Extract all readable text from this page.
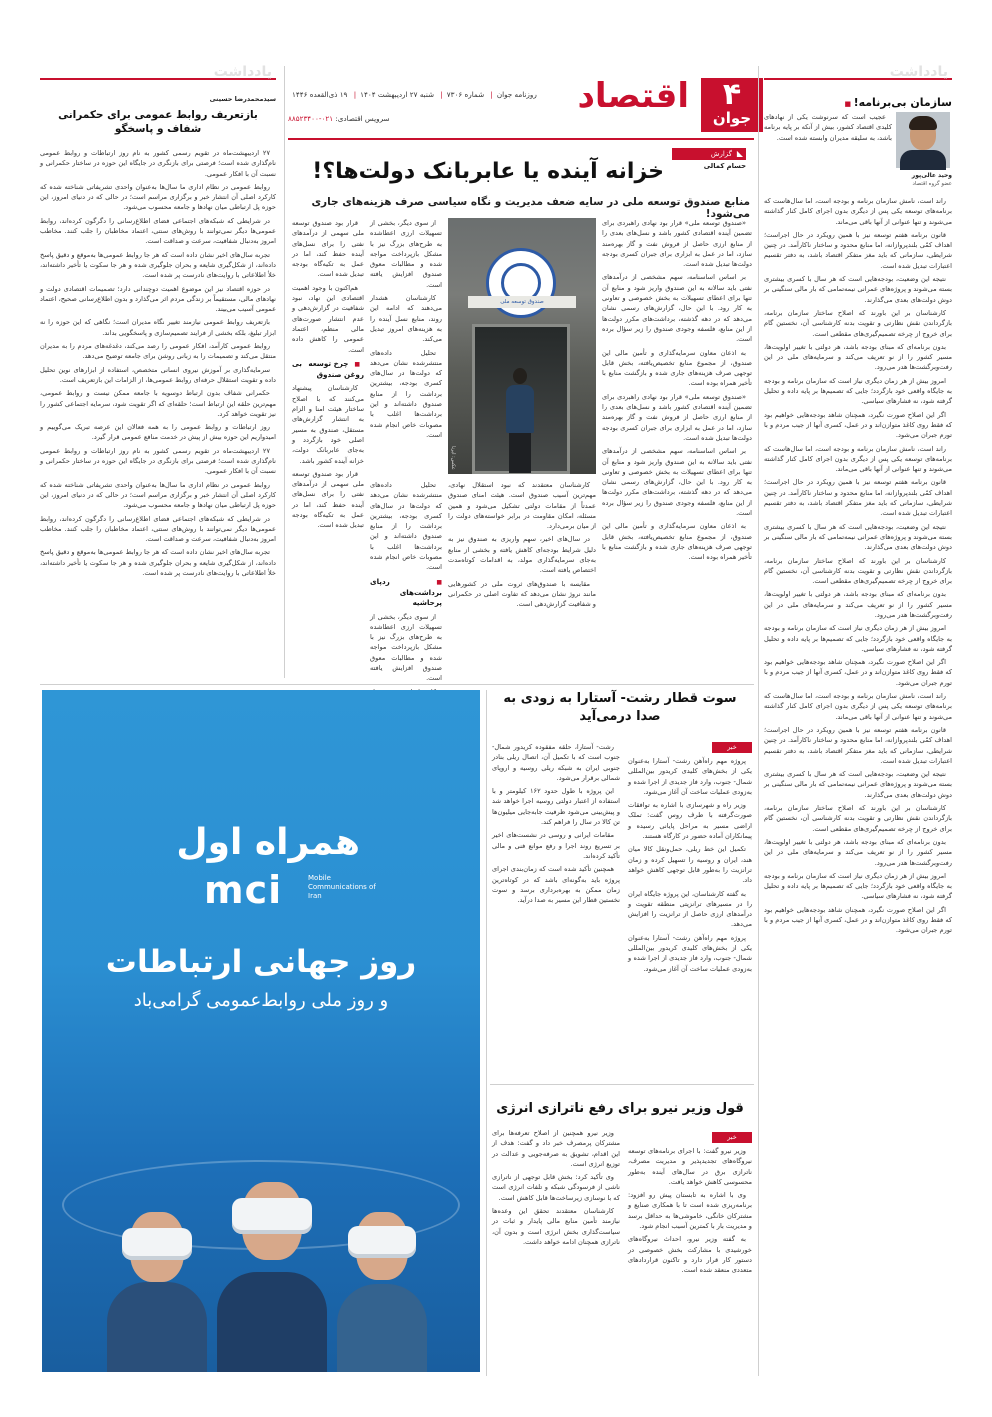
یادداشت	یادداشت
۴
جوان
اقتصاد
روزنامه جوان| شماره ۷۳۰۶| شنبه ۲۷ اردیبهشت ۱۴۰۴| ۱۹ ذی‌القعده ۱۴۴۶
سرویس اقتصادی: ۰۲۱-۸۸۵۲۳۴۰۰
سازمان بی‌برنامه! ■
وحید عالی‌پور
عضو گروه اقتصاد

عجیب است که سرنوشت یکی از نهادهای کلیدی اقتصاد کشور، بیش از آنکه بر پایه برنامه باشد، به سلیقه مدیران وابسته شده است.

راند است، نامش سازمان برنامه و بودجه است، اما سال‌هاست که برنامه‌های توسعه یکی پس از دیگری بدون اجرای کامل کنار گذاشته می‌شوند و تنها عنوانی از آنها باقی می‌ماند.

قانون برنامه هفتم توسعه نیز با همین رویکرد در حال اجراست؛ اهداف کمّی بلندپروازانه، اما منابع محدود و ساختار ناکارآمد. در چنین شرایطی، سازمانی که باید مغز متفکر اقتصاد باشد، به دفتر تقسیم اعتبارات تبدیل شده است.

نتیجه این وضعیت، بودجه‌هایی است که هر سال با کسری بیشتری بسته می‌شوند و پروژه‌های عمرانی نیمه‌تمامی که بار مالی سنگینی بر دوش دولت‌های بعدی می‌گذارند.

کارشناسان بر این باورند که اصلاح ساختار سازمان برنامه، بازگرداندن نقش نظارتی و تقویت بدنه کارشناسی آن، نخستین گام برای خروج از چرخه تصمیم‌گیری‌های مقطعی است.

بدون برنامه‌ای که مبنای بودجه باشد، هر دولتی با تغییر اولویت‌ها، مسیر کشور را از نو تعریف می‌کند و سرمایه‌های ملی در این رفت‌وبرگشت‌ها هدر می‌رود.

امروز بیش از هر زمان دیگری نیاز است که سازمان برنامه و بودجه به جایگاه واقعی خود بازگردد؛ جایی که تصمیم‌ها بر پایه داده و تحلیل گرفته شود، نه فشارهای سیاسی.

اگر این اصلاح صورت نگیرد، همچنان شاهد بودجه‌هایی خواهیم بود که فقط روی کاغذ متوازن‌اند و در عمل، کسری آنها از جیب مردم و با تورم جبران می‌شود.

راند است، نامش سازمان برنامه و بودجه است، اما سال‌هاست که برنامه‌های توسعه یکی پس از دیگری بدون اجرای کامل کنار گذاشته می‌شوند و تنها عنوانی از آنها باقی می‌ماند.

قانون برنامه هفتم توسعه نیز با همین رویکرد در حال اجراست؛ اهداف کمّی بلندپروازانه، اما منابع محدود و ساختار ناکارآمد. در چنین شرایطی، سازمانی که باید مغز متفکر اقتصاد باشد، به دفتر تقسیم اعتبارات تبدیل شده است.

نتیجه این وضعیت، بودجه‌هایی است که هر سال با کسری بیشتری بسته می‌شوند و پروژه‌های عمرانی نیمه‌تمامی که بار مالی سنگینی بر دوش دولت‌های بعدی می‌گذارند.

کارشناسان بر این باورند که اصلاح ساختار سازمان برنامه، بازگرداندن نقش نظارتی و تقویت بدنه کارشناسی آن، نخستین گام برای خروج از چرخه تصمیم‌گیری‌های مقطعی است.

بدون برنامه‌ای که مبنای بودجه باشد، هر دولتی با تغییر اولویت‌ها، مسیر کشور را از نو تعریف می‌کند و سرمایه‌های ملی در این رفت‌وبرگشت‌ها هدر می‌رود.

امروز بیش از هر زمان دیگری نیاز است که سازمان برنامه و بودجه به جایگاه واقعی خود بازگردد؛ جایی که تصمیم‌ها بر پایه داده و تحلیل گرفته شود، نه فشارهای سیاسی.

اگر این اصلاح صورت نگیرد، همچنان شاهد بودجه‌هایی خواهیم بود که فقط روی کاغذ متوازن‌اند و در عمل، کسری آنها از جیب مردم و با تورم جبران می‌شود.

راند است، نامش سازمان برنامه و بودجه است، اما سال‌هاست که برنامه‌های توسعه یکی پس از دیگری بدون اجرای کامل کنار گذاشته می‌شوند و تنها عنوانی از آنها باقی می‌ماند.

قانون برنامه هفتم توسعه نیز با همین رویکرد در حال اجراست؛ اهداف کمّی بلندپروازانه، اما منابع محدود و ساختار ناکارآمد. در چنین شرایطی، سازمانی که باید مغز متفکر اقتصاد باشد، به دفتر تقسیم اعتبارات تبدیل شده است.

نتیجه این وضعیت، بودجه‌هایی است که هر سال با کسری بیشتری بسته می‌شوند و پروژه‌های عمرانی نیمه‌تمامی که بار مالی سنگینی بر دوش دولت‌های بعدی می‌گذارند.

کارشناسان بر این باورند که اصلاح ساختار سازمان برنامه، بازگرداندن نقش نظارتی و تقویت بدنه کارشناسی آن، نخستین گام برای خروج از چرخه تصمیم‌گیری‌های مقطعی است.

بدون برنامه‌ای که مبنای بودجه باشد، هر دولتی با تغییر اولویت‌ها، مسیر کشور را از نو تعریف می‌کند و سرمایه‌های ملی در این رفت‌وبرگشت‌ها هدر می‌رود.

امروز بیش از هر زمان دیگری نیاز است که سازمان برنامه و بودجه به جایگاه واقعی خود بازگردد؛ جایی که تصمیم‌ها بر پایه داده و تحلیل گرفته شود، نه فشارهای سیاسی.

اگر این اصلاح صورت نگیرد، همچنان شاهد بودجه‌هایی خواهیم بود که فقط روی کاغذ متوازن‌اند و در عمل، کسری آنها از جیب مردم و با تورم جبران می‌شود.

سیدمحمدرضا حسینی
بازتعریف روابط عمومی برای حکمرانی شفاف و پاسخگو

۲۷ اردیبهشت‌ماه در تقویم رسمی کشور به نام روز ارتباطات و روابط عمومی نام‌گذاری شده است؛ فرصتی برای بازنگری در جایگاه این حوزه در ساختار حکمرانی و نسبت آن با افکار عمومی.

روابط عمومی در نظام اداری ما سال‌ها به‌عنوان واحدی تشریفاتی شناخته شده که کارکرد اصلی آن انتشار خبر و برگزاری مراسم است؛ در حالی که در دنیای امروز، این حوزه پل ارتباطی میان نهادها و جامعه محسوب می‌شود.

در شرایطی که شبکه‌های اجتماعی فضای اطلاع‌رسانی را دگرگون کرده‌اند، روابط عمومی‌ها دیگر نمی‌توانند با روش‌های سنتی، اعتماد مخاطبان را جلب کنند. مخاطب امروز به‌دنبال شفافیت، سرعت و صداقت است.

تجربه سال‌های اخیر نشان داده است که هر جا روابط عمومی‌ها به‌موقع و دقیق پاسخ داده‌اند، از شکل‌گیری شایعه و بحران جلوگیری شده و هر جا سکوت یا تأخیر داشته‌اند، خلأ اطلاعاتی با روایت‌های نادرست پر شده است.

در حوزه اقتصاد نیز این موضوع اهمیت دوچندانی دارد؛ تصمیمات اقتصادی دولت و نهادهای مالی، مستقیماً بر زندگی مردم اثر می‌گذارد و بدون اطلاع‌رسانی صحیح، اعتماد عمومی آسیب می‌بیند.

بازتعریف روابط عمومی نیازمند تغییر نگاه مدیران است؛ نگاهی که این حوزه را نه ابزار تبلیغ، بلکه بخشی از فرایند تصمیم‌سازی و پاسخگویی بداند.

روابط عمومی کارآمد، افکار عمومی را رصد می‌کند، دغدغه‌های مردم را به مدیران منتقل می‌کند و تصمیمات را به زبانی روشن برای جامعه توضیح می‌دهد.

سرمایه‌گذاری بر آموزش نیروی انسانی متخصص، استفاده از ابزارهای نوین تحلیل داده و تقویت استقلال حرفه‌ای روابط عمومی‌ها، از الزامات این بازتعریف است.

حکمرانی شفاف بدون ارتباط دوسویه با جامعه ممکن نیست و روابط عمومی، مهم‌ترین حلقه این ارتباط است؛ حلقه‌ای که اگر تقویت شود، سرمایه اجتماعی کشور را نیز تقویت خواهد کرد.

روز ارتباطات و روابط عمومی را به همه فعالان این عرصه تبریک می‌گوییم و امیدواریم این حوزه بیش از پیش در خدمت منافع عمومی قرار گیرد.

۲۷ اردیبهشت‌ماه در تقویم رسمی کشور به نام روز ارتباطات و روابط عمومی نام‌گذاری شده است؛ فرصتی برای بازنگری در جایگاه این حوزه در ساختار حکمرانی و نسبت آن با افکار عمومی.

روابط عمومی در نظام اداری ما سال‌ها به‌عنوان واحدی تشریفاتی شناخته شده که کارکرد اصلی آن انتشار خبر و برگزاری مراسم است؛ در حالی که در دنیای امروز، این حوزه پل ارتباطی میان نهادها و جامعه محسوب می‌شود.

در شرایطی که شبکه‌های اجتماعی فضای اطلاع‌رسانی را دگرگون کرده‌اند، روابط عمومی‌ها دیگر نمی‌توانند با روش‌های سنتی، اعتماد مخاطبان را جلب کنند. مخاطب امروز به‌دنبال شفافیت، سرعت و صداقت است.

تجربه سال‌های اخیر نشان داده است که هر جا روابط عمومی‌ها به‌موقع و دقیق پاسخ داده‌اند، از شکل‌گیری شایعه و بحران جلوگیری شده و هر جا سکوت یا تأخیر داشته‌اند، خلأ اطلاعاتی با روایت‌های نادرست پر شده است.

◣ گزارش
حسام کمالی
خزانه آینده یا عابربانک دولت‌ها؟!
منابع صندوق توسعه ملی در سایه ضعف مدیریت و نگاه سیاسی صرف هزینه‌های جاری می‌شود!
صندوق توسعه ملی
عکس: ایرنا

«صندوق توسعه ملی» قرار بود نهادی راهبردی برای تضمین آینده اقتصادی کشور باشد و نسل‌های بعدی را از منابع ارزی حاصل از فروش نفت و گاز بهره‌مند سازد، اما در عمل به ابزاری برای جبران کسری بودجه دولت‌ها تبدیل شده است.

بر اساس اساسنامه، سهم مشخصی از درآمدهای نفتی باید سالانه به این صندوق واریز شود و منابع آن تنها برای اعطای تسهیلات به بخش خصوصی و تعاونی به کار رود. با این حال، گزارش‌های رسمی نشان می‌دهد که در دهه گذشته، برداشت‌های مکرر دولت‌ها از این منابع، فلسفه وجودی صندوق را زیر سؤال برده است.

به اذعان معاون سرمایه‌گذاری و تأمین مالی این صندوق، از مجموع منابع تخصیص‌یافته، بخش قابل توجهی صرف هزینه‌های جاری شده و بازگشت منابع با تأخیر همراه بوده است.

«صندوق توسعه ملی» قرار بود نهادی راهبردی برای تضمین آینده اقتصادی کشور باشد و نسل‌های بعدی را از منابع ارزی حاصل از فروش نفت و گاز بهره‌مند سازد، اما در عمل به ابزاری برای جبران کسری بودجه دولت‌ها تبدیل شده است.

بر اساس اساسنامه، سهم مشخصی از درآمدهای نفتی باید سالانه به این صندوق واریز شود و منابع آن تنها برای اعطای تسهیلات به بخش خصوصی و تعاونی به کار رود. با این حال، گزارش‌های رسمی نشان می‌دهد که در دهه گذشته، برداشت‌های مکرر دولت‌ها از این منابع، فلسفه وجودی صندوق را زیر سؤال برده است.

به اذعان معاون سرمایه‌گذاری و تأمین مالی این صندوق، از مجموع منابع تخصیص‌یافته، بخش قابل توجهی صرف هزینه‌های جاری شده و بازگشت منابع با تأخیر همراه بوده است.

کارشناسان معتقدند که نبود استقلال نهادی، مهم‌ترین آسیب صندوق است. هیئت امنای صندوق عمدتاً از مقامات دولتی تشکیل می‌شود و همین مسئله، امکان مقاومت در برابر خواسته‌های دولت را از میان برمی‌دارد.

در سال‌های اخیر، سهم واریزی به صندوق نیز به دلیل شرایط بودجه‌ای کاهش یافته و بخشی از منابع به‌جای سرمایه‌گذاری مولد، به اقدامات کوتاه‌مدت اختصاص یافته است.

مقایسه با صندوق‌های ثروت ملی در کشورهایی مانند نروژ نشان می‌دهد که تفاوت اصلی در حکمرانی و شفافیت گزارش‌دهی است.

تحلیل داده‌های منتشرشده نشان می‌دهد که دولت‌ها در سال‌های کسری بودجه، بیشترین برداشت را از منابع صندوق داشته‌اند و این برداشت‌ها اغلب با مصوبات خاص انجام شده است.

■ ردپای برداشت‌های پرحاشیه

از سوی دیگر، بخشی از تسهیلات ارزی اعطاشده به طرح‌های بزرگ نیز با مشکل بازپرداخت مواجه شده و مطالبات معوق صندوق افزایش یافته است.

قرار بود صندوق توسعه ملی سهمی از درآمدهای نفتی را برای نسل‌های آینده حفظ کند، اما در عمل به تکیه‌گاه بودجه تبدیل شده است.

هم‌اکنون با وجود اهمیت اقتصادی این نهاد، نبود شفافیت در گزارش‌دهی و عدم انتشار صورت‌های مالی منظم، اعتماد عمومی را کاهش داده است.

■ چرخ توسعه بی روغن صندوق

کارشناسان پیشنهاد می‌کنند که با اصلاح ساختار هیئت امنا و الزام به انتشار گزارش‌های مستقل، صندوق به مسیر اصلی خود بازگردد و به‌جای عابربانک دولت، خزانه آینده کشور باشد.

قرار بود صندوق توسعه ملی سهمی از درآمدهای نفتی را برای نسل‌های آینده حفظ کند، اما در عمل به تکیه‌گاه بودجه تبدیل شده است.

از سوی دیگر، بخشی از تسهیلات ارزی اعطاشده به طرح‌های بزرگ نیز با مشکل بازپرداخت مواجه شده و مطالبات معوق صندوق افزایش یافته است.

کارشناسان هشدار می‌دهند که ادامه این روند، منابع نسل آینده را به هزینه‌های امروز تبدیل می‌کند.

تحلیل داده‌های منتشرشده نشان می‌دهد که دولت‌ها در سال‌های کسری بودجه، بیشترین برداشت را از منابع صندوق داشته‌اند و این برداشت‌ها اغلب با مصوبات خاص انجام شده است.

همراه اول
mci	Mobile Communications of Iran
روز جهانی ارتباطات
و روز ملی روابط‌عمومی گرامی‌باد
سوت قطار رشت- آستارا به زودی به صدا درمی‌آید
خبر

پروژه مهم راه‌آهن رشت- آستارا به‌عنوان یکی از بخش‌های کلیدی کریدور بین‌المللی شمال- جنوب، وارد فاز جدیدی از اجرا شده و به‌زودی عملیات ساخت آن آغاز می‌شود.

وزیر راه و شهرسازی با اشاره به توافقات صورت‌گرفته با طرف روس گفت: تملک اراضی مسیر به مراحل پایانی رسیده و پیمانکاران آماده حضور در کارگاه هستند.

تکمیل این خط ریلی، حمل‌ونقل کالا میان هند، ایران و روسیه را تسهیل کرده و زمان ترانزیت را به‌طور قابل توجهی کاهش خواهد داد.

به گفته کارشناسان، این پروژه جایگاه ایران را در مسیرهای ترانزیتی منطقه تقویت و درآمدهای ارزی حاصل از ترانزیت را افزایش می‌دهد.

پروژه مهم راه‌آهن رشت- آستارا به‌عنوان یکی از بخش‌های کلیدی کریدور بین‌المللی شمال- جنوب، وارد فاز جدیدی از اجرا شده و به‌زودی عملیات ساخت آن آغاز می‌شود.

رشت- آستارا، حلقه مفقوده کریدور شمال- جنوب است که با تکمیل آن، اتصال ریلی بنادر جنوبی ایران به شبکه ریلی روسیه و اروپای شمالی برقرار می‌شود.

این پروژه با طول حدود ۱۶۲ کیلومتر و با استفاده از اعتبار دولتی روسیه اجرا خواهد شد و پیش‌بینی می‌شود ظرفیت جابه‌جایی میلیون‌ها تن کالا در سال را فراهم کند.

مقامات ایرانی و روسی در نشست‌های اخیر بر تسریع روند اجرا و رفع موانع فنی و مالی تأکید کرده‌اند.

همچنین تأکید شده است که زمان‌بندی اجرای پروژه باید به‌گونه‌ای باشد که در کوتاه‌ترین زمان ممکن به بهره‌برداری برسد و سوت نخستین قطار این مسیر به صدا درآید.

قول وزیر نیرو برای رفع ناترازی انرژی
خبر

وزیر نیرو گفت: با اجرای برنامه‌های توسعه نیروگاه‌های تجدیدپذیر و مدیریت مصرف، ناترازی برق در سال‌های آینده به‌طور محسوسی کاهش خواهد یافت.

وی با اشاره به تابستان پیش رو افزود: برنامه‌ریزی شده است تا با همکاری صنایع و مشترکان خانگی، خاموشی‌ها به حداقل برسد و مدیریت بار با کمترین آسیب انجام شود.

به گفته وزیر نیرو، احداث نیروگاه‌های خورشیدی با مشارکت بخش خصوصی در دستور کار قرار دارد و تاکنون قراردادهای متعددی منعقد شده است.

وزیر نیرو همچنین از اصلاح تعرفه‌ها برای مشترکان پرمصرف خبر داد و گفت: هدف از این اقدام، تشویق به صرفه‌جویی و عدالت در توزیع انرژی است.

وی تأکید کرد: بخش قابل توجهی از ناترازی ناشی از فرسودگی شبکه و تلفات انرژی است که با نوسازی زیرساخت‌ها قابل کاهش است.

کارشناسان معتقدند تحقق این وعده‌ها نیازمند تأمین منابع مالی پایدار و ثبات در سیاست‌گذاری بخش انرژی است و بدون آن، ناترازی همچنان ادامه خواهد داشت.
